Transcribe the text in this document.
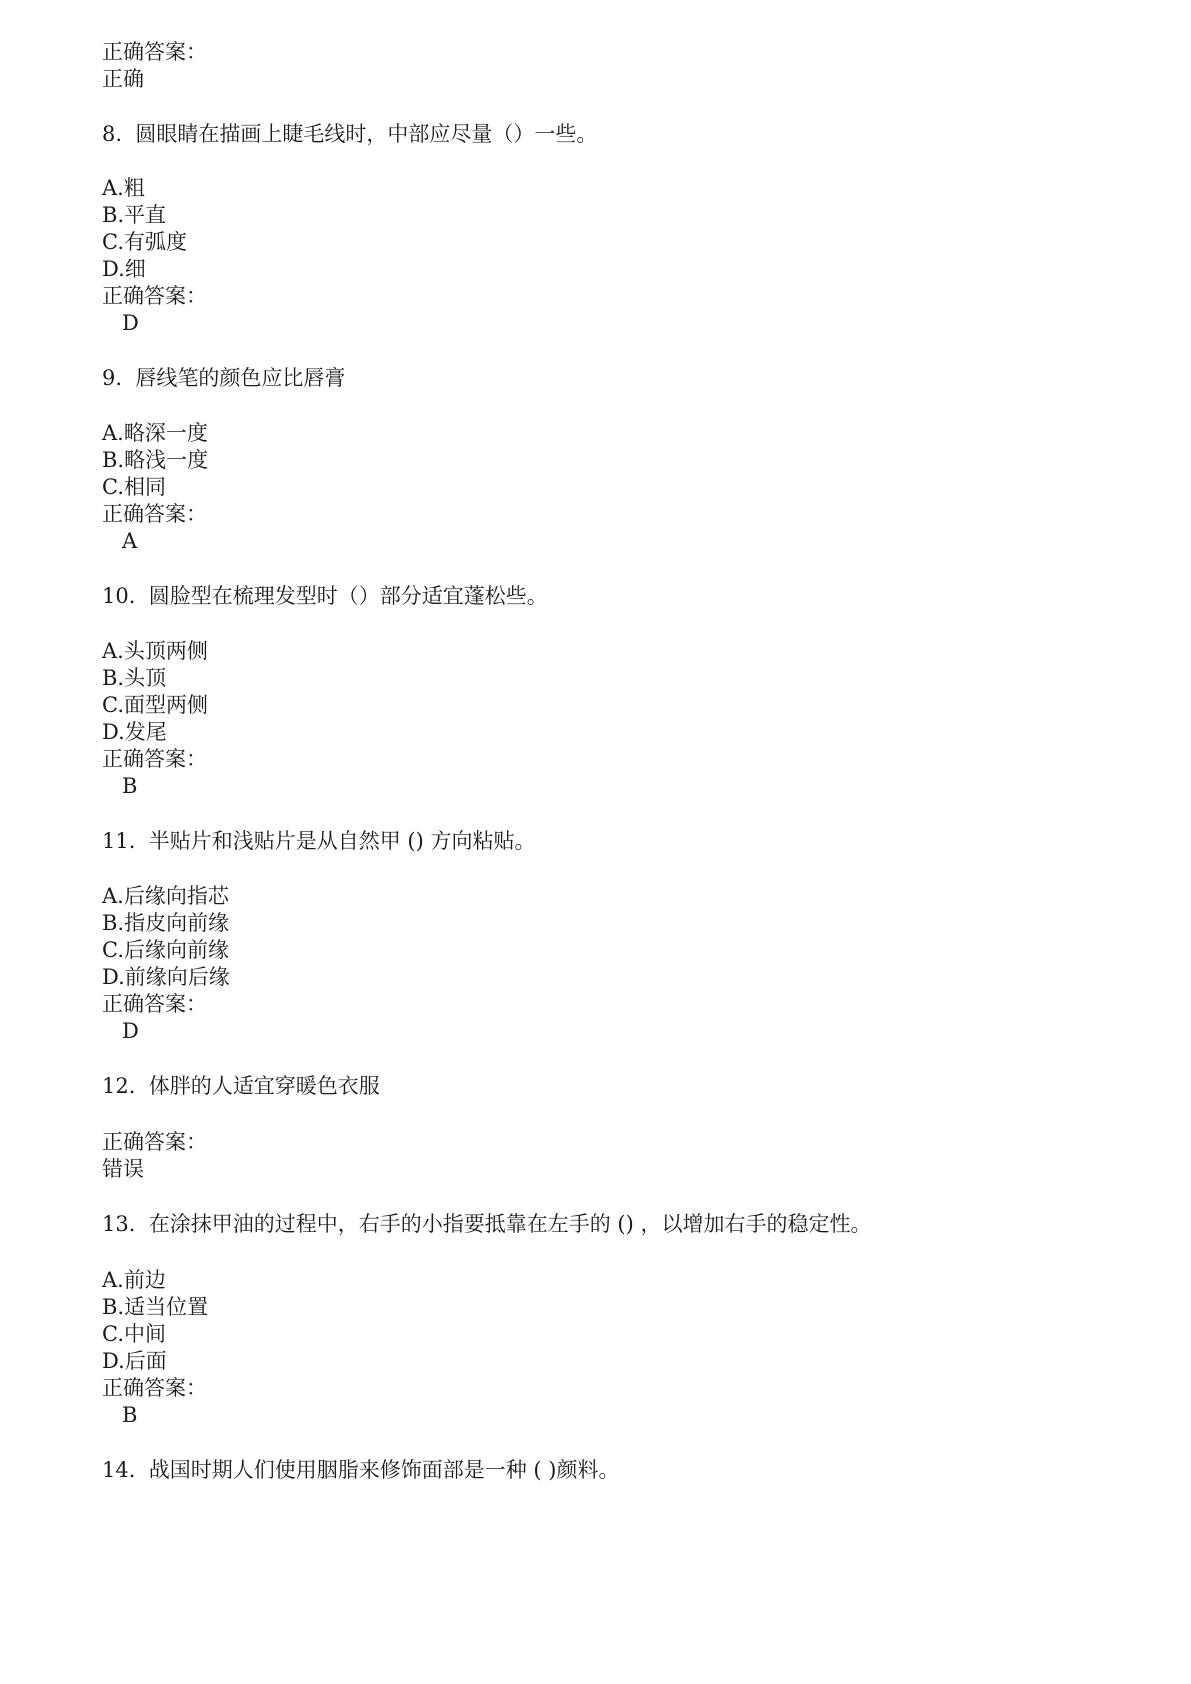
正确答案：
正确
8.  圆眼睛在描画上睫毛线时，中部应尽量（）一些。
A.粗
B.平直
C.有弧度
D.细
正确答案：
D
9.  唇线笔的颜色应比唇膏
A.略深一度
B.略浅一度
C.相同
正确答案：
A
10.  圆脸型在梳理发型时（）部分适宜蓬松些。
A.头顶两侧
B.头顶
C.面型两侧
D.发尾
正确答案：
B
11.  半贴片和浅贴片是从自然甲 () 方向粘贴。
A.后缘向指芯
B.指皮向前缘
C.后缘向前缘
D.前缘向后缘
正确答案：
D
12.  体胖的人适宜穿暖色衣服
正确答案：
错误
13.  在涂抹甲油的过程中，右手的小指要抵靠在左手的 () ，以增加右手的稳定性。
A.前边
B.适当位置
C.中间
D.后面
正确答案：
B
14.  战国时期人们使用胭脂来修饰面部是一种 ( )颜料。
